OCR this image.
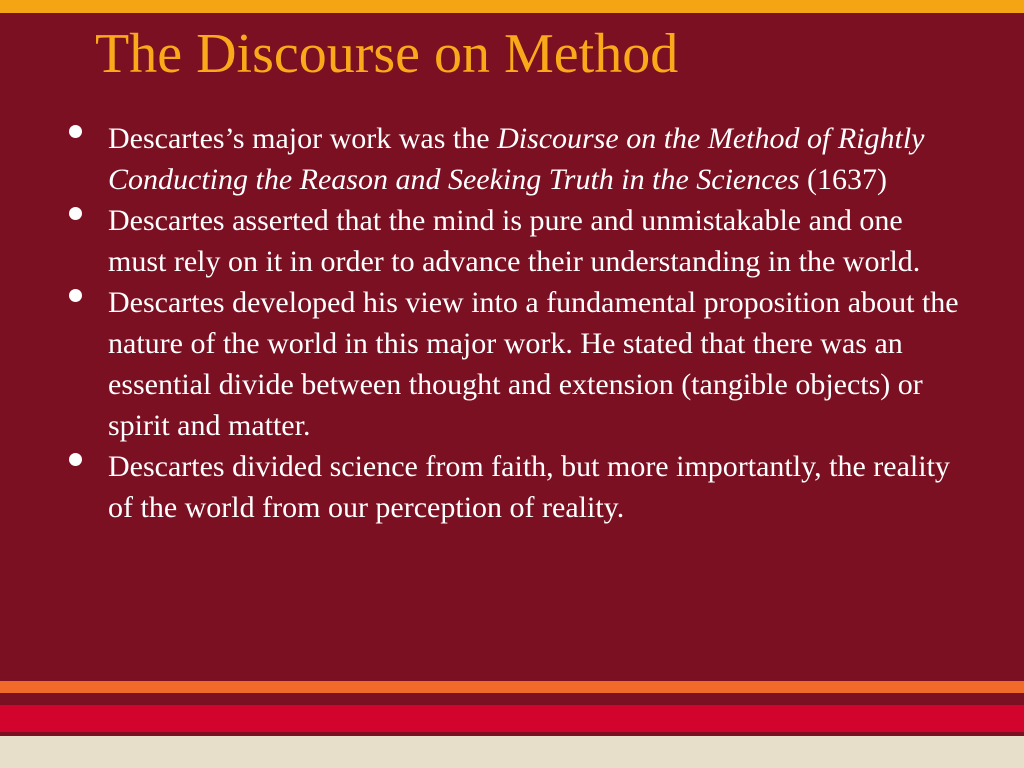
The Discourse on Method
Descartes’s major work was the Discourse on the Method of Rightly Conducting the Reason and Seeking Truth in the Sciences (1637)
Descartes asserted that the mind is pure and unmistakable and one must rely on it in order to advance their understanding in the world.
Descartes developed his view into a fundamental proposition about the nature of the world in this major work. He stated that there was an essential divide between thought and extension (tangible objects) or spirit and matter.
Descartes divided science from faith, but more importantly, the reality of the world from our perception of reality.
